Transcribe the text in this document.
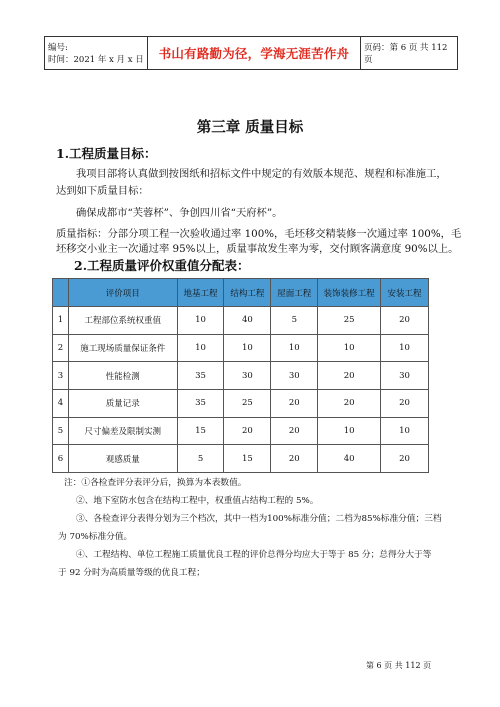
编号:
时间：2021 年 x 月 x 日 书山有路勤为径，学海无涯苦作舟 页码：第 6 页 共 112 页
第三章 质量目标
1.工程质量目标：
我项目部将认真做到按图纸和招标文件中规定的有效版本规范、规程和标准施工，
达到如下质量目标：
确保成都市“芙蓉杯”、争创四川省“天府杯”。
质量指标：分部分项工程一次验收通过率 100%，毛坯移交精装修一次通过率 100%，毛
坯移交小业主一次通过率 95%以上，质量事故发生率为零，交付顾客满意度 90%以上。
2.工程质量评价权重值分配表：
	评价项目	地基工程	结构工程	屋面工程	装饰装修工程	安装工程
1	工程部位系统权重值	10	40	5	25	20
2	施工现场质量保证条件	10	10	10	10	10
3	性能检测	35	30	30	20	30
4	质量记录	35	25	20	20	20
5	尺寸偏差及限制实测	15	20	20	10	10
6	观感质量	5	15	20	40	20
注：①各检查评分表评分后，换算为本表数值。
②、地下室防水包含在结构工程中，权重值占结构工程的 5%。
③、各检查评分表得分划为三个档次，其中一档为100%标准分值；二档为85%标准分值；三档
为 70%标准分值。
④、工程结构、单位工程施工质量优良工程的评价总得分均应大于等于 85 分；总得分大于等
于 92 分时为高质量等级的优良工程；
第 6 页 共 112 页
